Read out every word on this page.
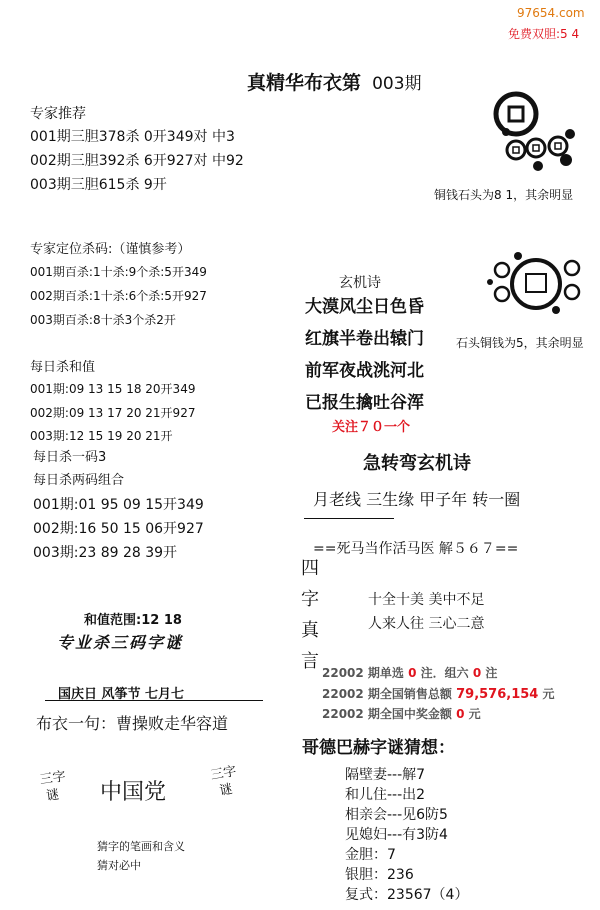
97654.com
免费双胆:5 4
真精华布衣第 003期
专家推荐
001期三胆378杀 0开349对 中3
002期三胆392杀 6开927对 中92
003期三胆615杀 9开
专家定位杀码:（谨慎参考）
001期百杀:1十杀:9个杀:5开349
002期百杀:1十杀:6个杀:5开927
003期百杀:8十杀3个杀2开
每日杀和值
001期:09 13 15 18 20开349
002期:09 13 17 20 21开927
003期:12 15 19 20 21开
每日杀一码3
每日杀两码组合
001期:01 95 09 15开349
002期:16 50 15 06开927
003期:23 89 28 39开
和值范围:12 18
专业杀三码字谜
国庆日 风筝节 七月七
布衣一句：曹操败走华容道
三字
谜	中国党
三字
谜
猜字的笔画和含义
猜对必中
铜钱石头为8 1，其余明显
石头铜钱为5，其余明显
玄机诗
大漠风尘日色昏
红旗半卷出辕门
前军夜战洮河北
已报生擒吐谷浑
关注７０一个
急转弯玄机诗
月老线 三生缘 甲子年 转一圈
==死马当作活马医 解５６７==
四
字
真
言
十全十美 美中不足
人来人往 三心二意
22002 期单选 0 注．组六 0 注
22002 期全国销售总额 79,576,154 元
22002 期全国中奖金额 0 元
哥德巴赫字谜猜想：
隔壁妻---解7
和儿住---出2
相亲会---见6防5
见媳妇---有3防4
金胆：7
银胆：236
复式：23567（4）
